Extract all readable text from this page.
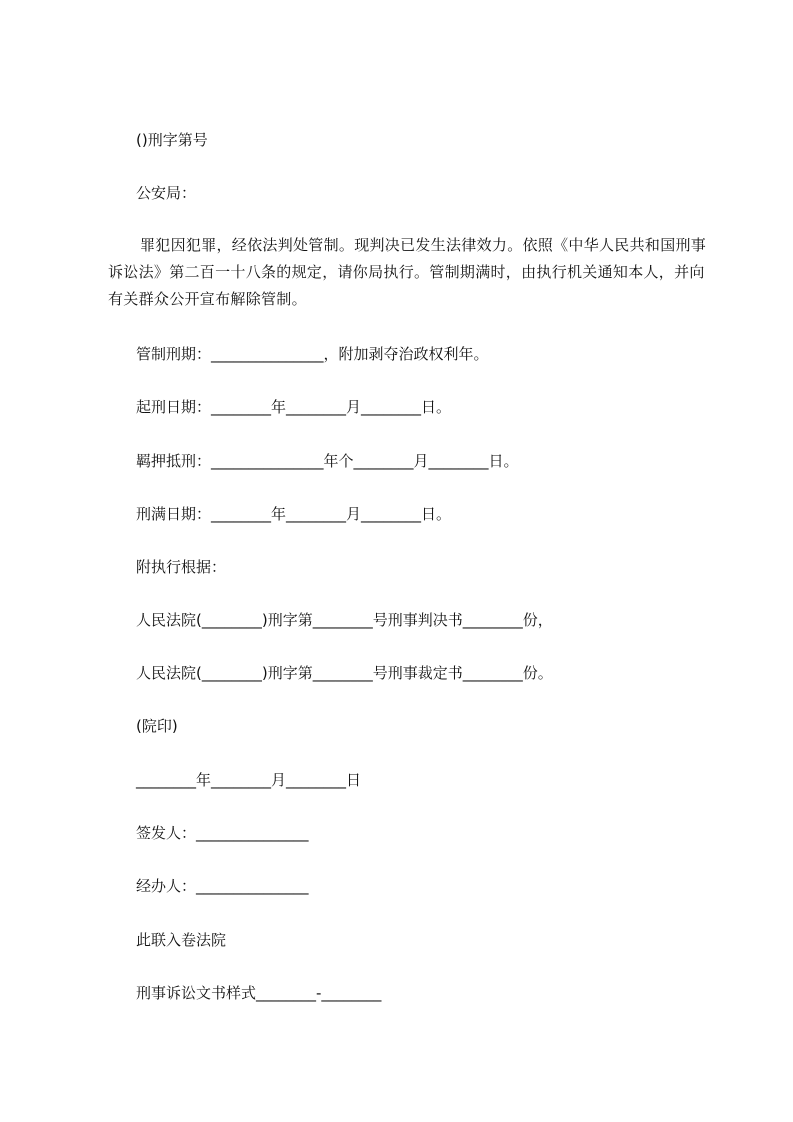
()刑字第号
公安局：
罪犯因犯罪，经依法判处管制。现判决已发生法律效力。依照《中华人民共和国刑事诉讼法》第二百一十八条的规定，请你局执行。管制期满时，由执行机关通知本人，并向有关群众公开宣布解除管制。
管制刑期：_______________，附加剥夺治政权利年。
起刑日期：________年________月________日。
羁押抵刑：_______________年个________月________日。
刑满日期：________年________月________日。
附执行根据：
人民法院(________)刑字第________号刑事判决书________份，
人民法院(________)刑字第________号刑事裁定书________份。
(院印)
________年________月________日
签发人：_______________
经办人：_______________
此联入卷法院
刑事诉讼文书样式________-________
